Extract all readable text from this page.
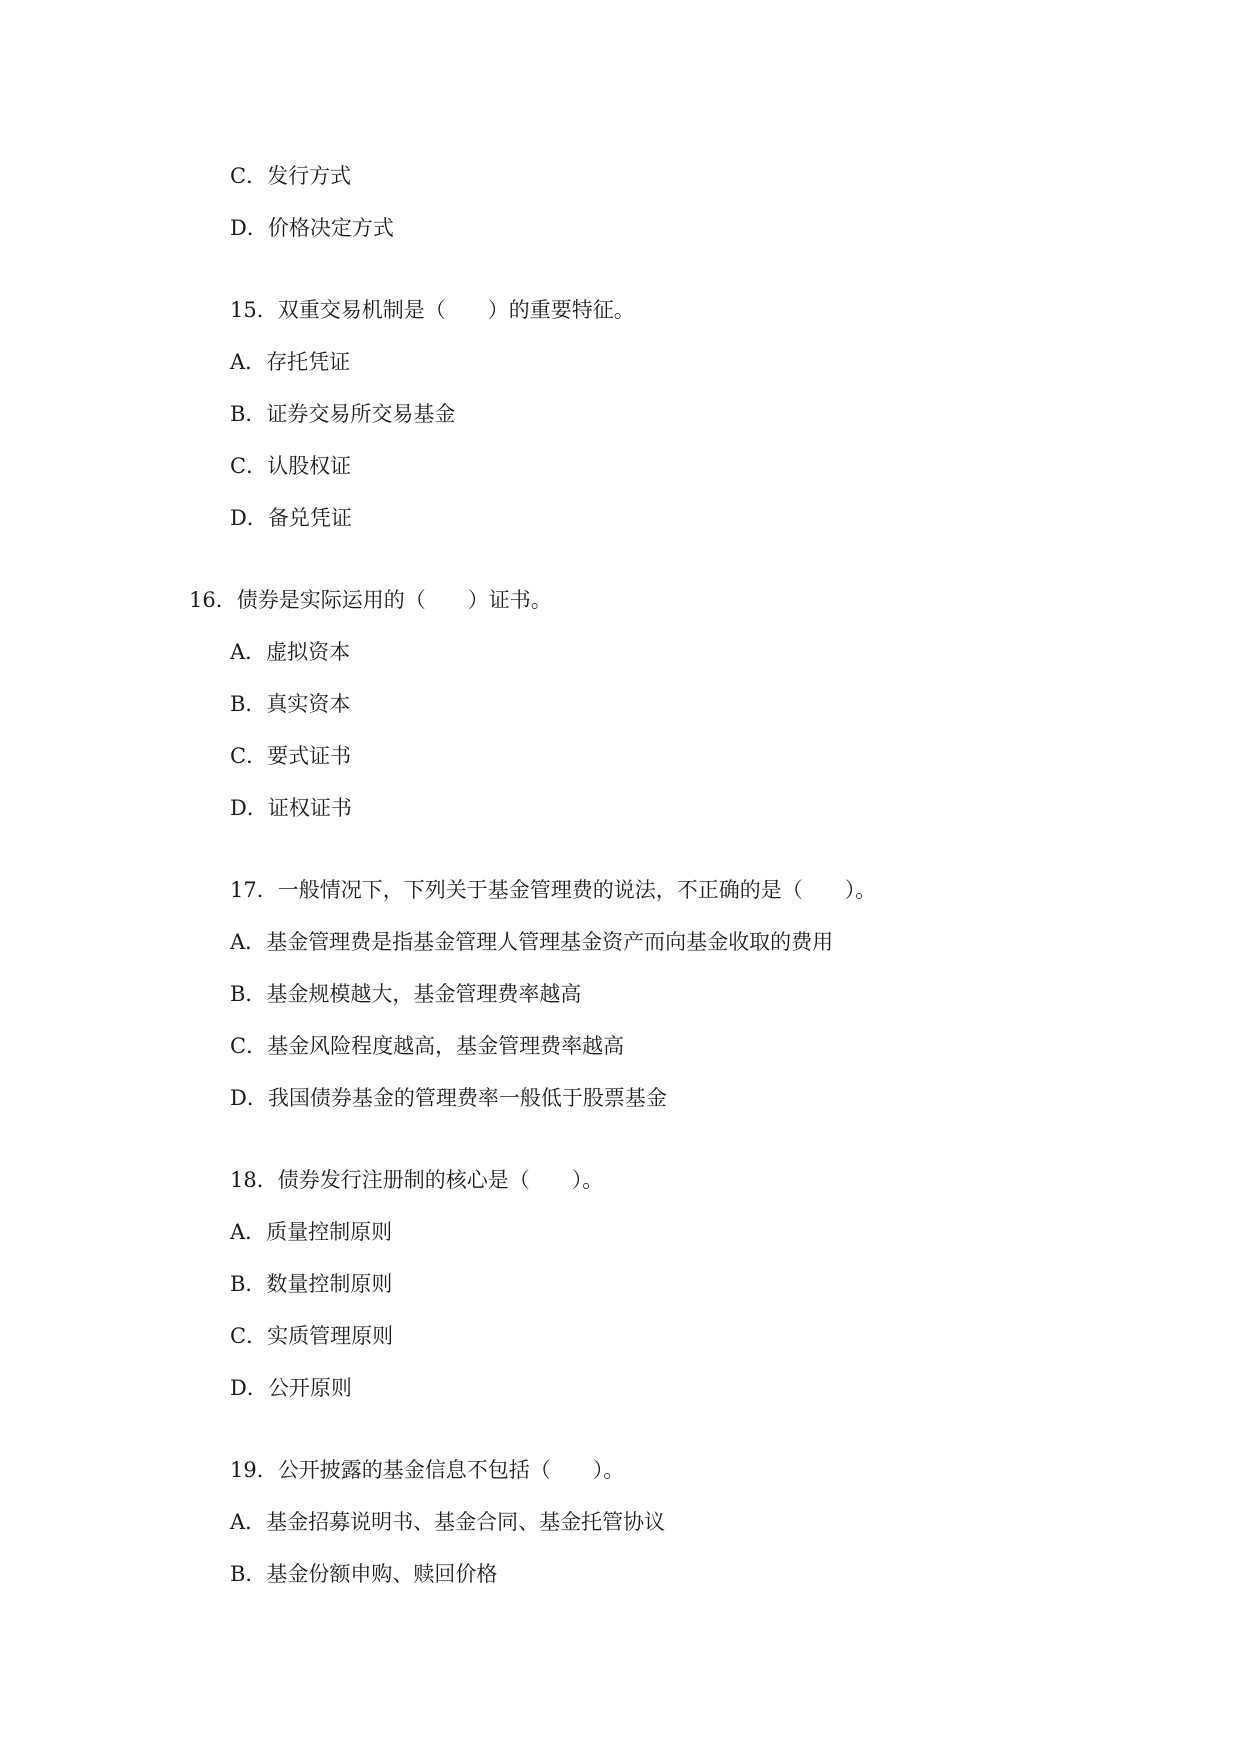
C．发行方式
D．价格决定方式
15．双重交易机制是（　　）的重要特征。
A．存托凭证
B．证券交易所交易基金
C．认股权证
D．备兑凭证
16．债券是实际运用的（　　）证书。
A．虚拟资本
B．真实资本
C．要式证书
D．证权证书
17．一般情况下，下列关于基金管理费的说法，不正确的是（　　）。
A．基金管理费是指基金管理人管理基金资产而向基金收取的费用
B．基金规模越大，基金管理费率越高
C．基金风险程度越高，基金管理费率越高
D．我国债券基金的管理费率一般低于股票基金
18．债券发行注册制的核心是（　　）。
A．质量控制原则
B．数量控制原则
C．实质管理原则
D．公开原则
19．公开披露的基金信息不包括（　　）。
A．基金招募说明书、基金合同、基金托管协议
B．基金份额申购、赎回价格
